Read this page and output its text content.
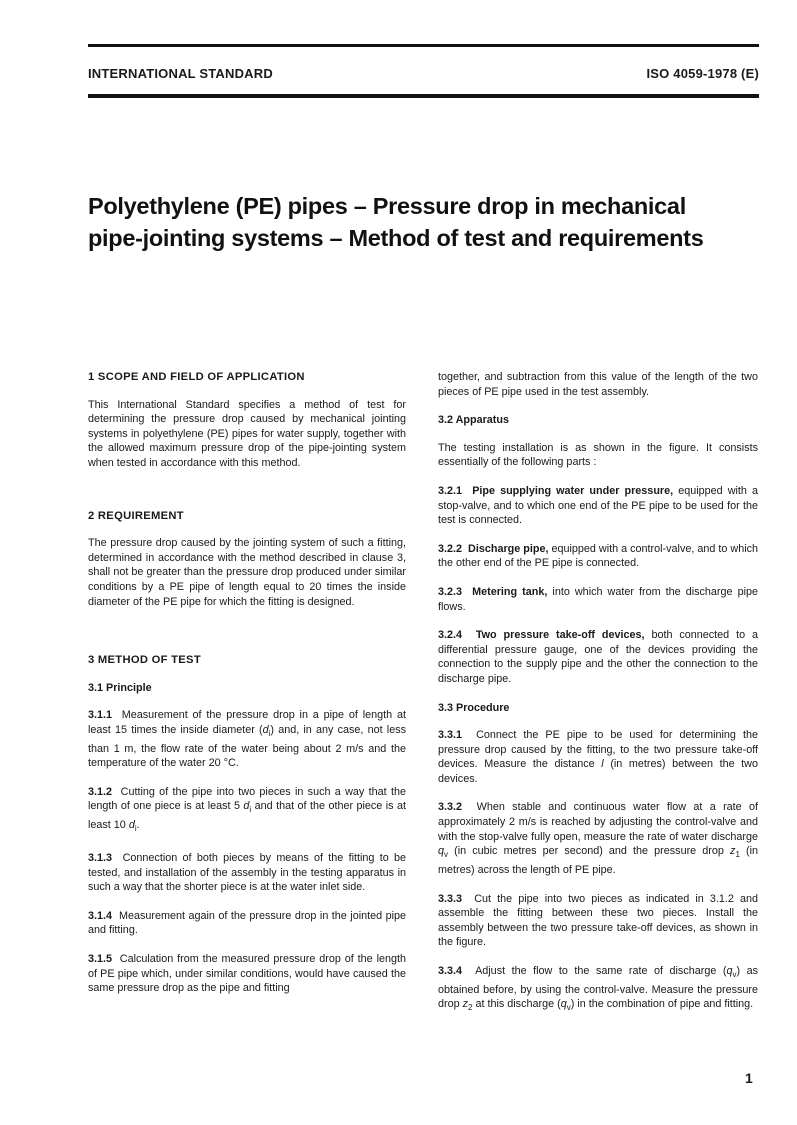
INTERNATIONAL STANDARD	ISO 4059-1978 (E)
Polyethylene (PE) pipes – Pressure drop in mechanical
pipe-jointing systems – Method of test and requirements
1 SCOPE AND FIELD OF APPLICATION

This International Standard specifies a method of test for determining the pressure drop caused by mechanical jointing systems in polyethylene (PE) pipes for water supply, together with the allowed maximum pressure drop of the pipe-jointing system when tested in accordance with this method.

2 REQUIREMENT

The pressure drop caused by the jointing system of such a fitting, determined in accordance with the method described in clause 3, shall not be greater than the pressure drop produced under similar conditions by a PE pipe of length equal to 20 times the inside diameter of the PE pipe for which the fitting is designed.

3 METHOD OF TEST
3.1 Principle

3.1.1 Measurement of the pressure drop in a pipe of length at least 15 times the inside diameter $(d_i)$ and, in any case, not less than 1 m, the flow rate of the water being about 2 m/s and the temperature of the water 20 °C.

3.1.2 Cutting of the pipe into two pieces in such a way that the length of one piece is at least 5 $d_i$ and that of the other piece is at least 10 $d_i$.

3.1.3 Connection of both pieces by means of the fitting to be tested, and installation of the assembly in the testing apparatus in such a way that the shorter piece is at the water inlet side.

3.1.4 Measurement again of the pressure drop in the jointed pipe and fitting.

3.1.5 Calculation from the measured pressure drop of the length of PE pipe which, under similar conditions, would have caused the same pressure drop as the pipe and fitting

together, and subtraction from this value of the length of the two pieces of PE pipe used in the test assembly.

3.2 Apparatus

The testing installation is as shown in the figure. It consists essentially of the following parts :

3.2.1 Pipe supplying water under pressure, equipped with a stop-valve, and to which one end of the PE pipe to be used for the test is connected.

3.2.2 Discharge pipe, equipped with a control-valve, and to which the other end of the PE pipe is connected.

3.2.3 Metering tank, into which water from the discharge pipe flows.

3.2.4 Two pressure take-off devices, both connected to a differential pressure gauge, one of the devices providing the connection to the supply pipe and the other the connection to the discharge pipe.

3.3 Procedure

3.3.1 Connect the PE pipe to be used for determining the pressure drop caused by the fitting, to the two pressure take-off devices. Measure the distance l (in metres) between the two devices.

3.3.2 When stable and continuous water flow at a rate of approximately 2 m/s is reached by adjusting the control-valve and with the stop-valve fully open, measure the rate of water discharge $q_v$ (in cubic metres per second) and the pressure drop $z_1$ (in metres) across the length of PE pipe.

3.3.3 Cut the pipe into two pieces as indicated in 3.1.2 and assemble the fitting between these two pieces. Install the assembly between the two pressure take-off devices, as shown in the figure.

3.3.4 Adjust the flow to the same rate of discharge $(q_v)$ as obtained before, by using the control-valve. Measure the pressure drop $z_2$ at this discharge $(q_v)$ in the combination of pipe and fitting.

1
